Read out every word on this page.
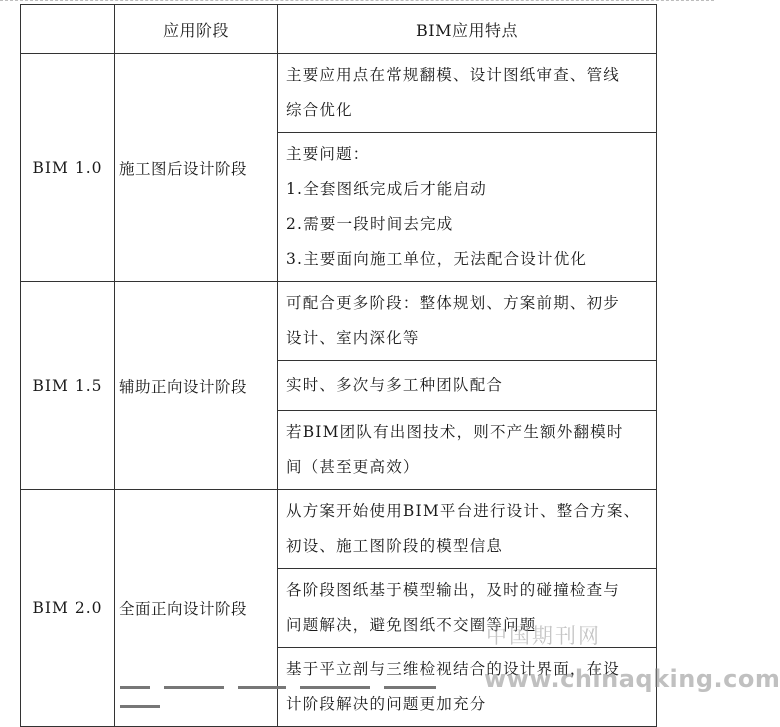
	应用阶段	BIM应用特点
BIM 1.0	施工图后设计阶段	主要应用点在常规翻模、设计图纸审查、管线
综合优化

		主要问题：
1.全套图纸完成后才能启动
2.需要一段时间去完成
3.主要面向施工单位，无法配合设计优化

BIM 1.5	辅助正向设计阶段	可配合更多阶段：整体规划、方案前期、初步
设计、室内深化等

		实时、多次与多工种团队配合

		若BIM团队有出图技术，则不产生额外翻模时
间（甚至更高效）

BIM 2.0	全面正向设计阶段	从方案开始使用BIM平台进行设计、整合方案、
初设、施工图阶段的模型信息

		各阶段图纸基于模型输出，及时的碰撞检查与
问题解决，避免图纸不交圈等问题

		基于平立剖与三维检视结合的设计界面，在设
计阶段解决的问题更加充分
中国期刊网
www.chinaqking.com
